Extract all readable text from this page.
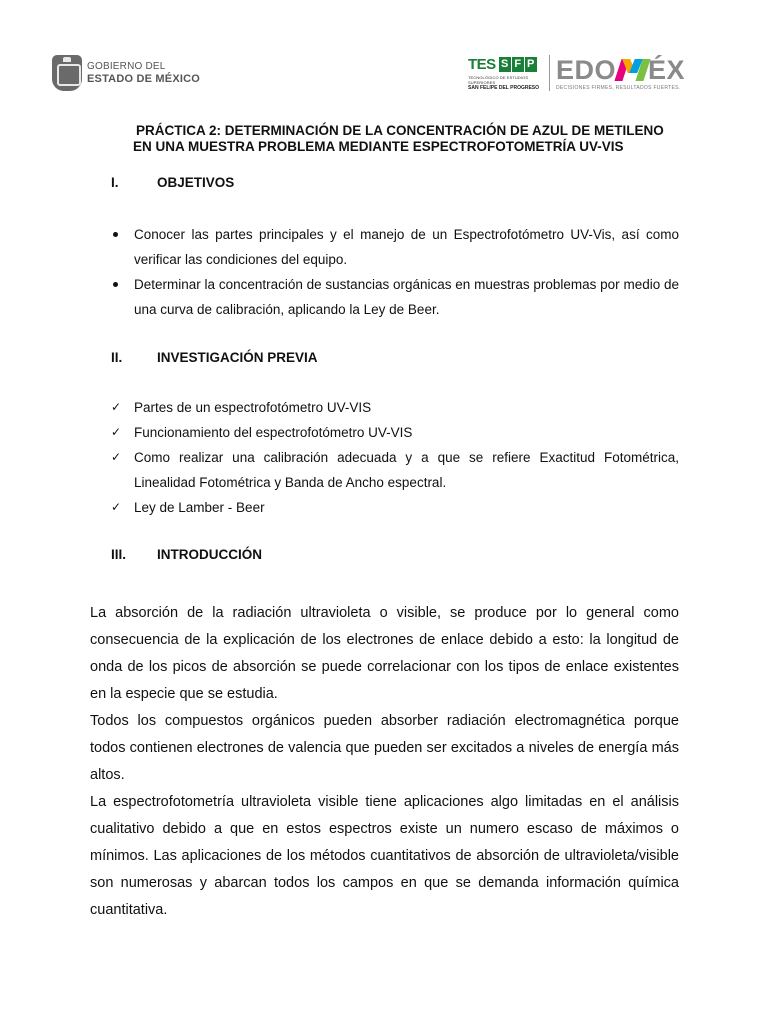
GOBIERNO DEL
ESTADO DE MÉXICO
TES S F P
TECNOLÓGICO DE ESTUDIOS SUPERIORES
SAN FELIPE DEL PROGRESO
EDO ÉX
DECISIONES FIRMES, RESULTADOS FUERTES.
PRÁCTICA 2: DETERMINACIÓN DE LA CONCENTRACIÓN DE AZUL DE METILENO
EN UNA MUESTRA PROBLEMA MEDIANTE ESPECTROFOTOMETRÍA UV-VIS
I.	OBJETIVOS
Conocer las partes principales y el manejo de un Espectrofotómetro UV-Vis, así como verificar las condiciones del equipo.
Determinar la concentración de sustancias orgánicas en muestras problemas por medio de una curva de calibración, aplicando la Ley de Beer.
II.	INVESTIGACIÓN PREVIA
Partes de un espectrofotómetro UV-VIS
Funcionamiento del espectrofotómetro UV-VIS
Como realizar una calibración adecuada y a que se refiere Exactitud Fotométrica, Linealidad Fotométrica y Banda de Ancho espectral.
Ley de Lamber - Beer
III.	INTRODUCCIÓN

La absorción de la radiación ultravioleta o visible, se produce por lo general como consecuencia de la explicación de los electrones de enlace debido a esto: la longitud de onda de los picos de absorción se puede correlacionar con los tipos de enlace existentes en la especie que se estudia.

Todos los compuestos orgánicos pueden absorber radiación electromagnética porque todos contienen electrones de valencia que pueden ser excitados a niveles de energía más altos.

La espectrofotometría ultravioleta visible tiene aplicaciones algo limitadas en el análisis cualitativo debido a que en estos espectros existe un numero escaso de máximos o mínimos. Las aplicaciones de los métodos cuantitativos de absorción de ultravioleta/visible son numerosas y abarcan todos los campos en que se demanda información química cuantitativa.
